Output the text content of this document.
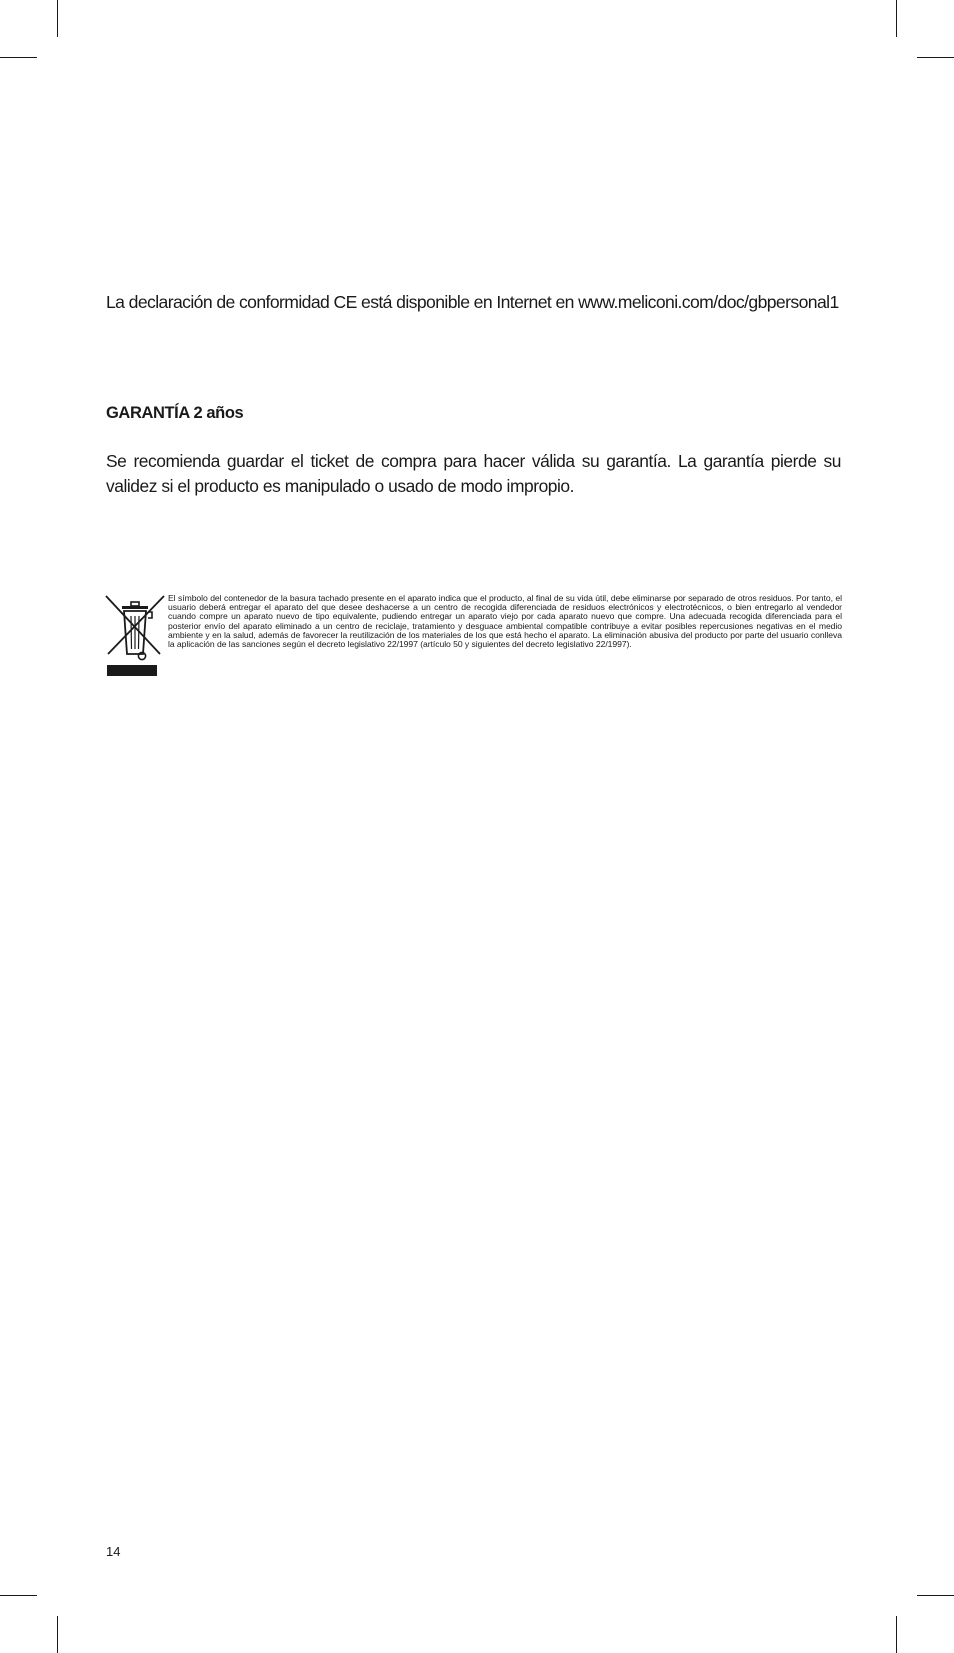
La declaración de conformidad CE está disponible en Internet en www.meliconi.com/doc/gbpersonal1
GARANTÍA 2 años
Se recomienda guardar el ticket de compra para hacer válida su garantía. La garantía pierde su validez si el producto es manipulado o usado de modo impropio.
El símbolo del contenedor de la basura tachado presente en el aparato indica que el producto, al final de su vida útil, debe eliminarse por separado de otros residuos. Por tanto, el usuario deberá entregar el aparato del que desee deshacerse a un centro de recogida diferenciada de residuos electrónicos y electrotécnicos, o bien entregarlo al vendedor cuando compre un aparato nuevo de tipo equivalente, pudiendo entregar un aparato viejo por cada aparato nuevo que compre. Una adecuada recogida diferenciada para el posterior envío del aparato eliminado a un centro de reciclaje, tratamiento y desguace ambiental compatible contribuye a evitar posibles repercusiones negativas en el medio ambiente y en la salud, además de favorecer la reutilización de los materiales de los que está hecho el aparato. La eliminación abusiva del producto por parte del usuario conlleva la aplicación de las sanciones según el decreto legislativo 22/1997 (artículo 50 y siguientes del decreto legislativo 22/1997).
14
